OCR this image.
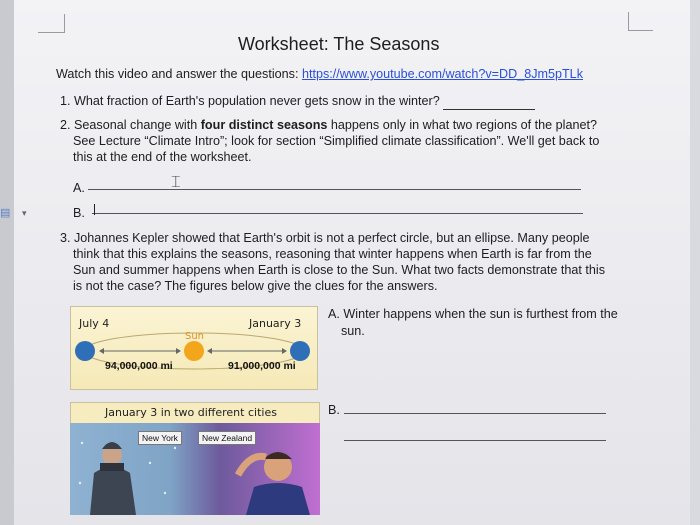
▤ ▾
Worksheet: The Seasons
Watch this video and answer the questions: https://www.youtube.com/watch?v=DD_8Jm5pTLk
1. What fraction of Earth's population never gets snow in the winter?
2. Seasonal change with four distinct seasons happens only in what two regions of the planet?
See Lecture “Climate Intro”; look for section “Simplified climate classification”. We'll get back to
this at the end of the worksheet.
A.	⌶
B.
3. Johannes Kepler showed that Earth's orbit is not a perfect circle, but an ellipse. Many people
think that this explains the seasons, reasoning that winter happens when Earth is far from the
Sun and summer happens when Earth is close to the Sun. What two facts demonstrate that this
is not the case? The figures below give the clues for the answers.
July 4	January 3
Sun
94,000,000 mi	91,000,000 mi
A. Winter happens when the sun is furthest from the
sun.
January 3 in two different cities
New York	New Zealand
B.
